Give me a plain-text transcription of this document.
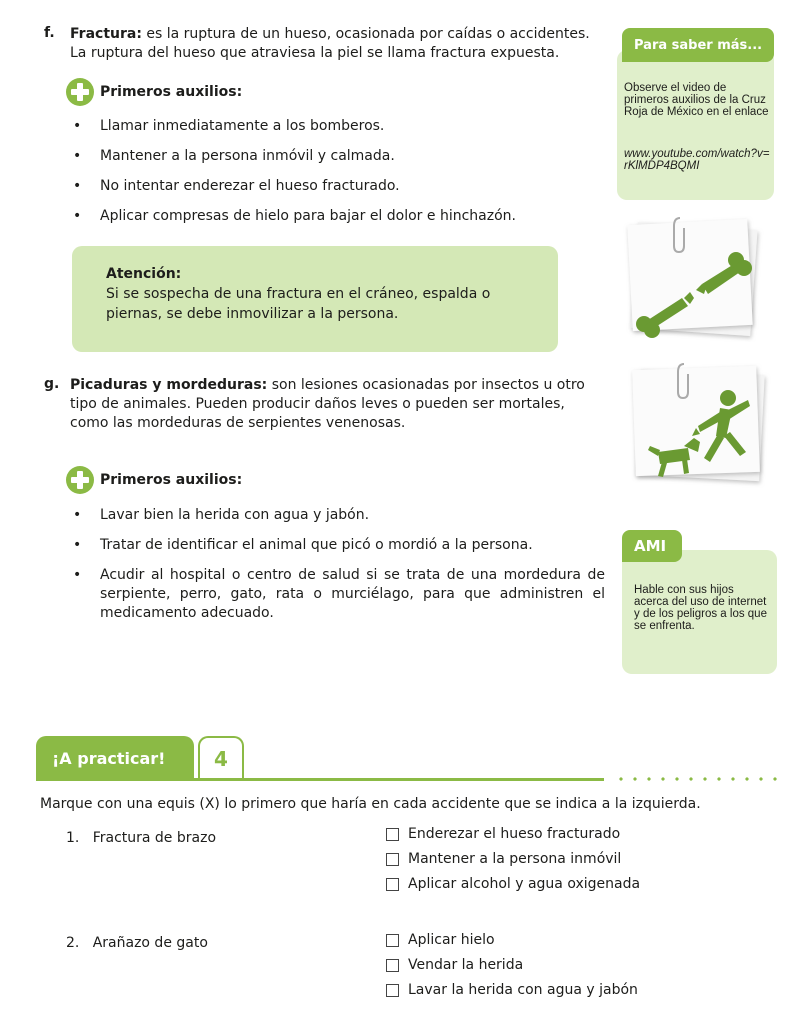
f. Fractura: es la ruptura de un hueso, ocasionada por caídas o accidentes. La ruptura del hueso que atraviesa la piel se llama fractura expuesta.
Primeros auxilios:
• Llamar inmediatamente a los bomberos.
• Mantener a la persona inmóvil y calmada.
• No intentar enderezar el hueso fracturado.
• Aplicar compresas de hielo para bajar el dolor e hinchazón.
Atención:
Si se sospecha de una fractura en el cráneo, espalda o piernas, se debe inmovilizar a la persona.
g. Picaduras y mordeduras: son lesiones ocasionadas por insectos u otro tipo de animales. Pueden producir daños leves o pueden ser mortales, como las mordeduras de serpientes venenosas.
Primeros auxilios:
• Lavar bien la herida con agua y jabón.
• Tratar de identificar el animal que picó o mordió a la persona.
• Acudir al hospital o centro de salud si se trata de una mordedura de serpiente, perro, gato, rata o murciélago, para que administren el medicamento adecuado.
Para saber más...
Observe el video de primeros auxilios de la Cruz Roja de México en el enlace
www.youtube.com/watch?v=rKlMDP4BQMI
AMI
Hable con sus hijos acerca del uso de internet y de los peligros a los que se enfrenta.
¡A practicar!	4
Marque con una equis (X) lo primero que haría en cada accidente que se indica a la izquierda.
1.   Fractura de brazo	Enderezar el hueso fracturado
Mantener a la persona inmóvil
Aplicar alcohol y agua oxigenada
2.   Arañazo de gato	Aplicar hielo
Vendar la herida
Lavar la herida con agua y jabón
